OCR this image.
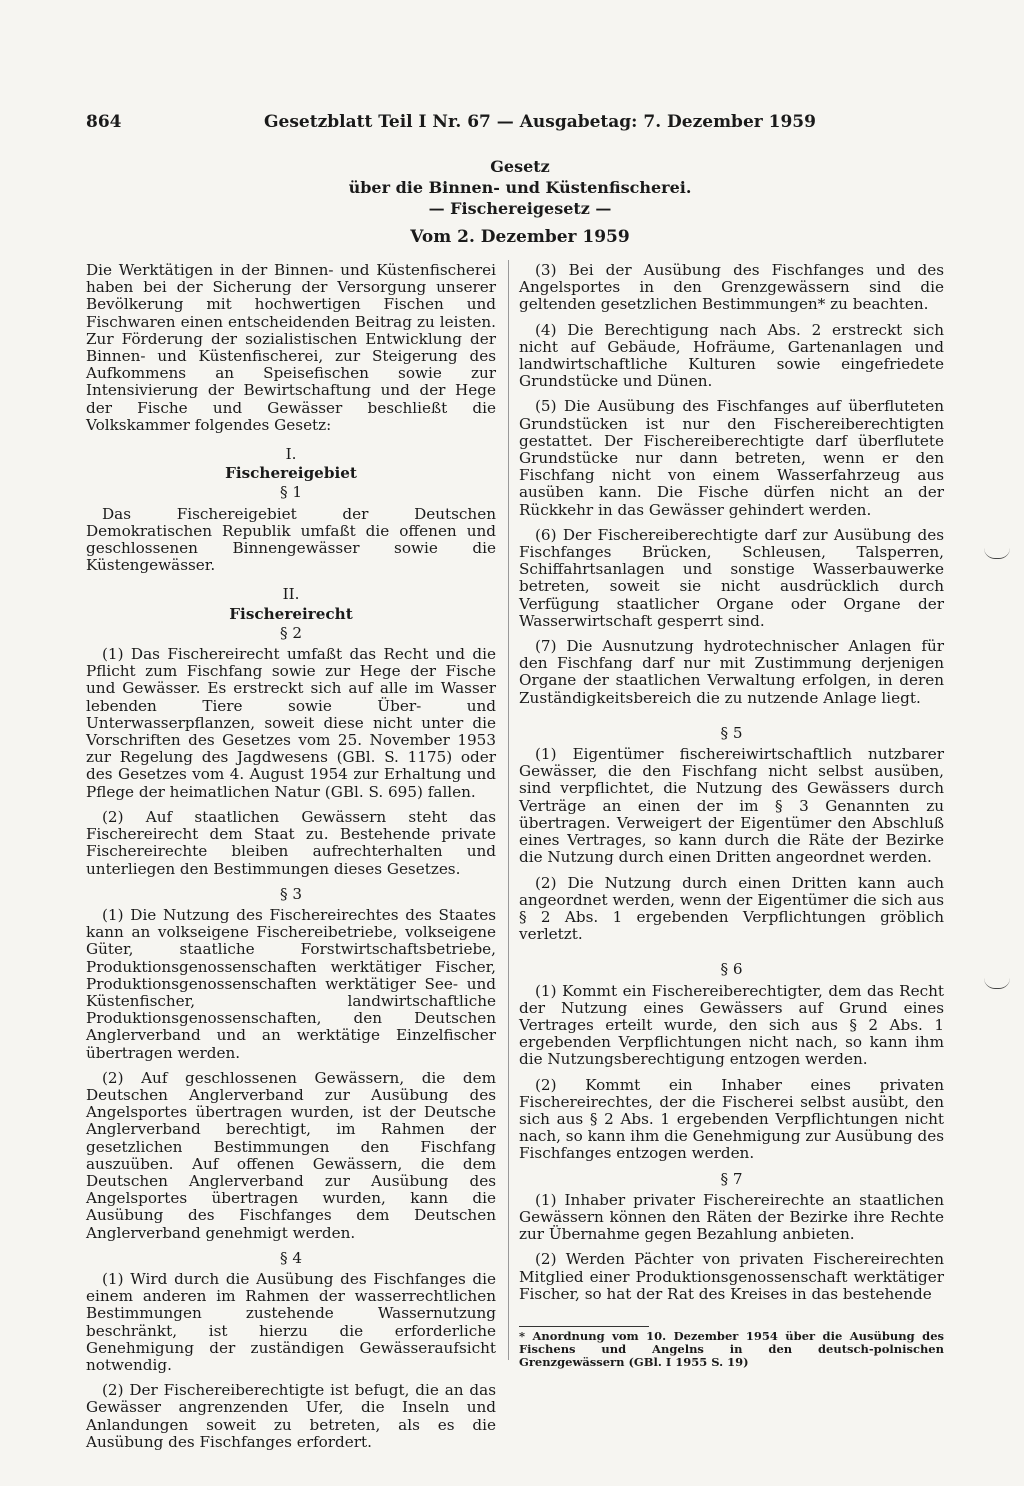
864	Gesetzblatt Teil I Nr. 67 — Ausgabetag: 7. Dezember 1959
Gesetz
über die Binnen- und Küstenfischerei.
— Fischereigesetz —
Vom 2. Dezember 1959

Die Werktätigen in der Binnen- und Küstenfischerei haben bei der Sicherung der Versorgung unserer Bevölkerung mit hochwertigen Fischen und Fischwaren einen entscheidenden Beitrag zu leisten. Zur Förderung der sozialistischen Entwicklung der Binnen- und Küstenfischerei, zur Steigerung des Aufkommens an Speisefischen sowie zur Intensivierung der Bewirtschaftung und der Hege der Fische und Gewässer beschließt die Volkskammer folgendes Gesetz:

I.
Fischereigebiet
§ 1

Das Fischereigebiet der Deutschen Demokratischen Republik umfaßt die offenen und geschlossenen Binnengewässer sowie die Küstengewässer.

II.
Fischereirecht
§ 2

(1) Das Fischereirecht umfaßt das Recht und die Pflicht zum Fischfang sowie zur Hege der Fische und Gewässer. Es erstreckt sich auf alle im Wasser lebenden Tiere sowie Über- und Unterwasserpflanzen, soweit diese nicht unter die Vorschriften des Gesetzes vom 25. November 1953 zur Regelung des Jagdwesens (GBl. S. 1175) oder des Gesetzes vom 4. August 1954 zur Erhaltung und Pflege der heimatlichen Natur (GBl. S. 695) fallen.

(2) Auf staatlichen Gewässern steht das Fischereirecht dem Staat zu. Bestehende private Fischereirechte bleiben aufrechterhalten und unterliegen den Bestimmungen dieses Gesetzes.

§ 3

(1) Die Nutzung des Fischereirechtes des Staates kann an volkseigene Fischereibetriebe, volkseigene Güter, staatliche Forstwirtschaftsbetriebe, Produktionsgenossenschaften werktätiger Fischer, Produktionsgenossenschaften werktätiger See- und Küstenfischer, landwirtschaftliche Produktionsgenossenschaften, den Deutschen Anglerverband und an werktätige Einzelfischer übertragen werden.

(2) Auf geschlossenen Gewässern, die dem Deutschen Anglerverband zur Ausübung des Angelsportes übertragen wurden, ist der Deutsche Anglerverband berechtigt, im Rahmen der gesetzlichen Bestimmungen den Fischfang auszuüben. Auf offenen Gewässern, die dem Deutschen Anglerverband zur Ausübung des Angelsportes übertragen wurden, kann die Ausübung des Fischfanges dem Deutschen Anglerverband genehmigt werden.

§ 4

(1) Wird durch die Ausübung des Fischfanges die einem anderen im Rahmen der wasserrechtlichen Bestimmungen zustehende Wassernutzung beschränkt, ist hierzu die erforderliche Genehmigung der zuständigen Gewässeraufsicht notwendig.

(2) Der Fischereiberechtigte ist befugt, die an das Gewässer angrenzenden Ufer, die Inseln und Anlandungen soweit zu betreten, als es die Ausübung des Fischfanges erfordert.

(3) Bei der Ausübung des Fischfanges und des Angelsportes in den Grenzgewässern sind die geltenden gesetzlichen Bestimmungen* zu beachten.

(4) Die Berechtigung nach Abs. 2 erstreckt sich nicht auf Gebäude, Hofräume, Gartenanlagen und landwirtschaftliche Kulturen sowie eingefriedete Grundstücke und Dünen.

(5) Die Ausübung des Fischfanges auf überfluteten Grundstücken ist nur den Fischereiberechtigten gestattet. Der Fischereiberechtigte darf überflutete Grundstücke nur dann betreten, wenn er den Fischfang nicht von einem Wasserfahrzeug aus ausüben kann. Die Fische dürfen nicht an der Rückkehr in das Gewässer gehindert werden.

(6) Der Fischereiberechtigte darf zur Ausübung des Fischfanges Brücken, Schleusen, Talsperren, Schiffahrtsanlagen und sonstige Wasserbauwerke betreten, soweit sie nicht ausdrücklich durch Verfügung staatlicher Organe oder Organe der Wasserwirtschaft gesperrt sind.

(7) Die Ausnutzung hydrotechnischer Anlagen für den Fischfang darf nur mit Zustimmung derjenigen Organe der staatlichen Verwaltung erfolgen, in deren Zuständigkeitsbereich die zu nutzende Anlage liegt.

§ 5

(1) Eigentümer fischereiwirtschaftlich nutzbarer Gewässer, die den Fischfang nicht selbst ausüben, sind verpflichtet, die Nutzung des Gewässers durch Verträge an einen der im § 3 Genannten zu übertragen. Verweigert der Eigentümer den Abschluß eines Vertrages, so kann durch die Räte der Bezirke die Nutzung durch einen Dritten angeordnet werden.

(2) Die Nutzung durch einen Dritten kann auch angeordnet werden, wenn der Eigentümer die sich aus § 2 Abs. 1 ergebenden Verpflichtungen gröblich verletzt.

§ 6

(1) Kommt ein Fischereiberechtigter, dem das Recht der Nutzung eines Gewässers auf Grund eines Vertrages erteilt wurde, den sich aus § 2 Abs. 1 ergebenden Verpflichtungen nicht nach, so kann ihm die Nutzungsberechtigung entzogen werden.

(2) Kommt ein Inhaber eines privaten Fischereirechtes, der die Fischerei selbst ausübt, den sich aus § 2 Abs. 1 ergebenden Verpflichtungen nicht nach, so kann ihm die Genehmigung zur Ausübung des Fischfanges entzogen werden.

§ 7

(1) Inhaber privater Fischereirechte an staatlichen Gewässern können den Räten der Bezirke ihre Rechte zur Übernahme gegen Bezahlung anbieten.

(2) Werden Pächter von privaten Fischereirechten Mitglied einer Produktionsgenossenschaft werktätiger Fischer, so hat der Rat des Kreises in das bestehende

* Anordnung vom 10. Dezember 1954 über die Ausübung des Fischens und Angelns in den deutsch-polnischen Grenzgewässern (GBl. I 1955 S. 19)
